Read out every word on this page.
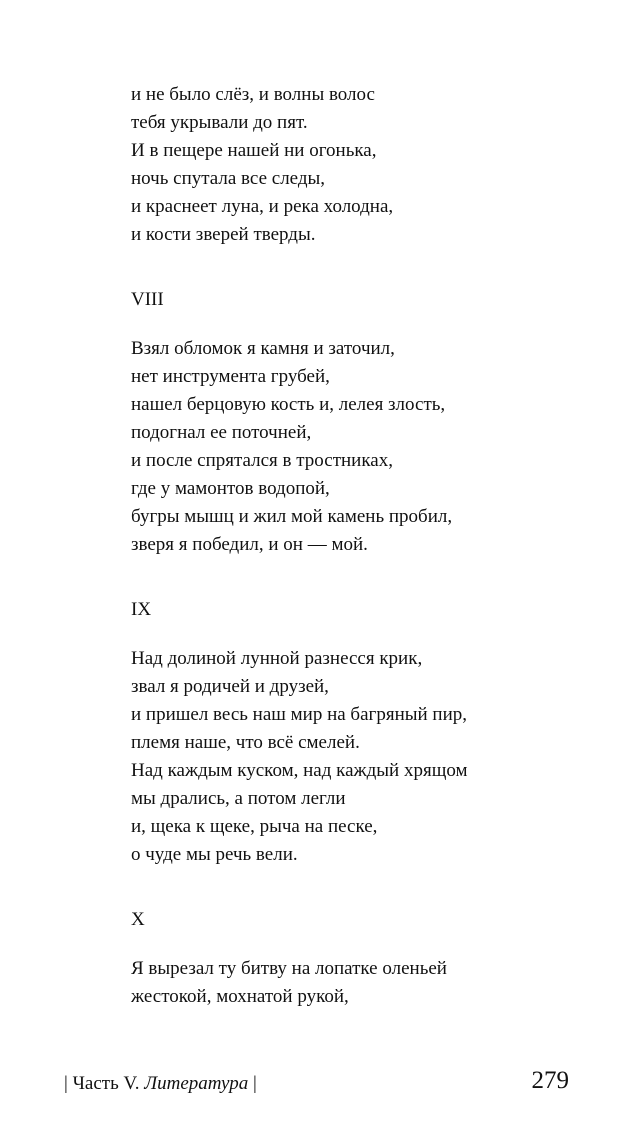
и не было слёз, и волны волос
тебя укрывали до пят.
И в пещере нашей ни огонька,
ночь спутала все следы,
и краснеет луна, и река холодна,
и кости зверей тверды.
VIII
Взял обломок я камня и заточил,
нет инструмента грубей,
нашел берцовую кость и, лелея злость,
подогнал ее поточней,
и после спрятался в тростниках,
где у мамонтов водопой,
бугры мышц и жил мой камень пробил,
зверя я победил, и он — мой.
IX
Над долиной лунной разнесся крик,
звал я родичей и друзей,
и пришел весь наш мир на багряный пир,
племя наше, что всё смелей.
Над каждым куском, над каждый хрящом
мы дрались, а потом легли
и, щека к щеке, рыча на песке,
о чуде мы речь вели.
X
Я вырезал ту битву на лопатке оленьей
жестокой, мохнатой рукой,
| Часть V. Литература |	279
